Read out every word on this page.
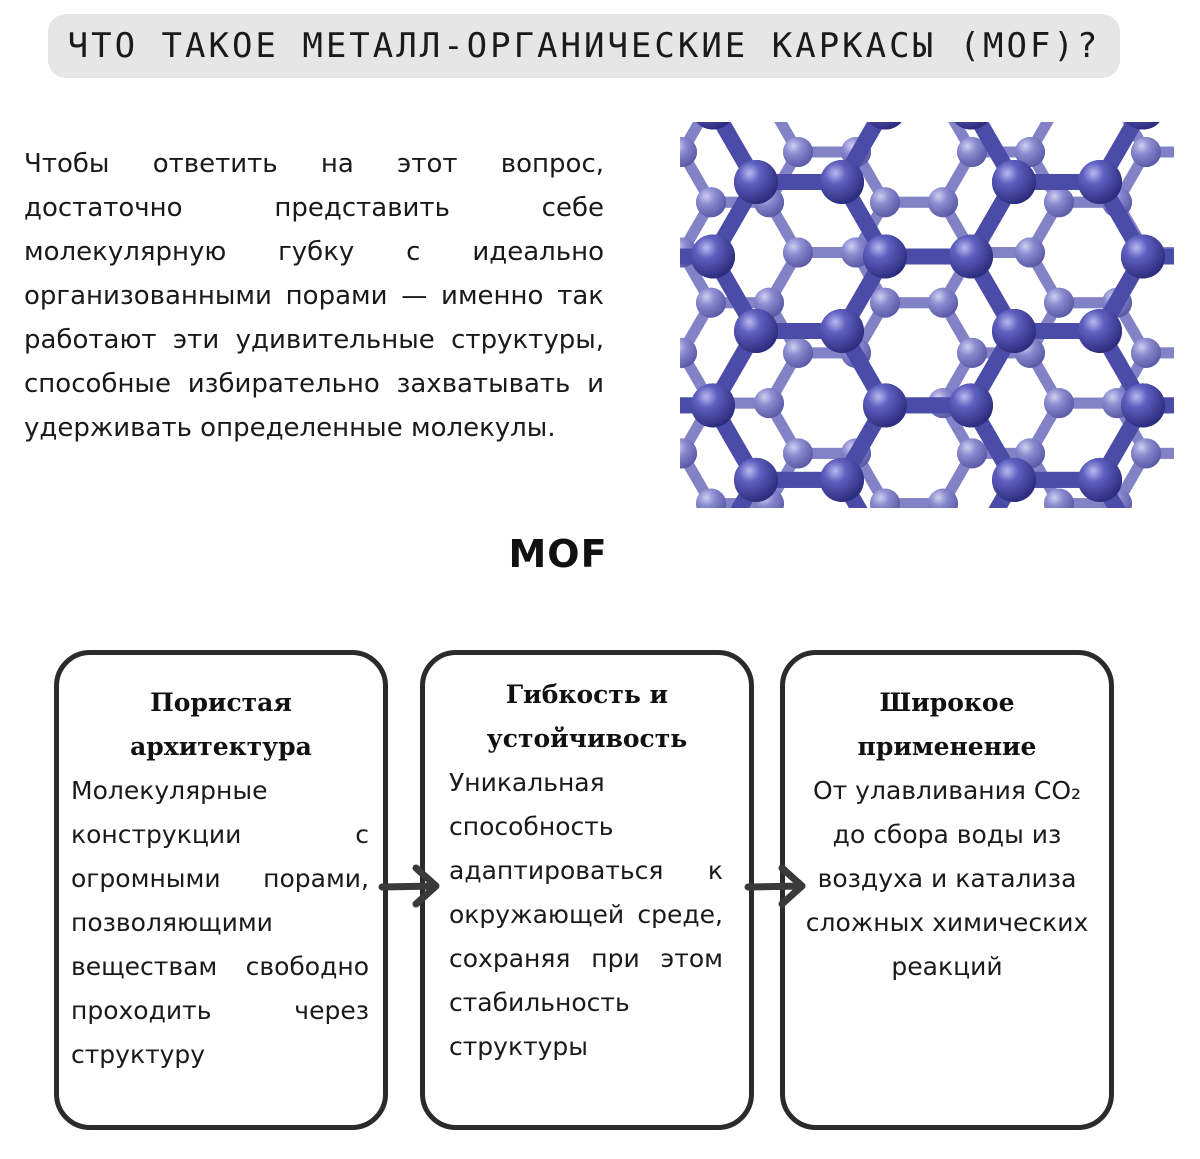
ЧТО ТАКОЕ МЕТАЛЛ-ОРГАНИЧЕСКИЕ КАРКАСЫ (MOF)?
Чтобы ответить на этот вопрос, достаточно представить себе молекулярную губку с идеально организованными порами — именно так работают эти удивительные структуры, способные избирательно захватывать и удерживать определенные молекулы.
MOF
Пористая архитектура
Молекулярные конструкции с огромными порами, позволяющими веществам свободно проходить через структуру
Гибкость и устойчивость
Уникальная способность адаптироваться к окружающей среде, сохраняя при этом стабильность структуры
Широкое применение
От улавливания CO₂ до сбора воды из воздуха и катализа сложных химических реакций
